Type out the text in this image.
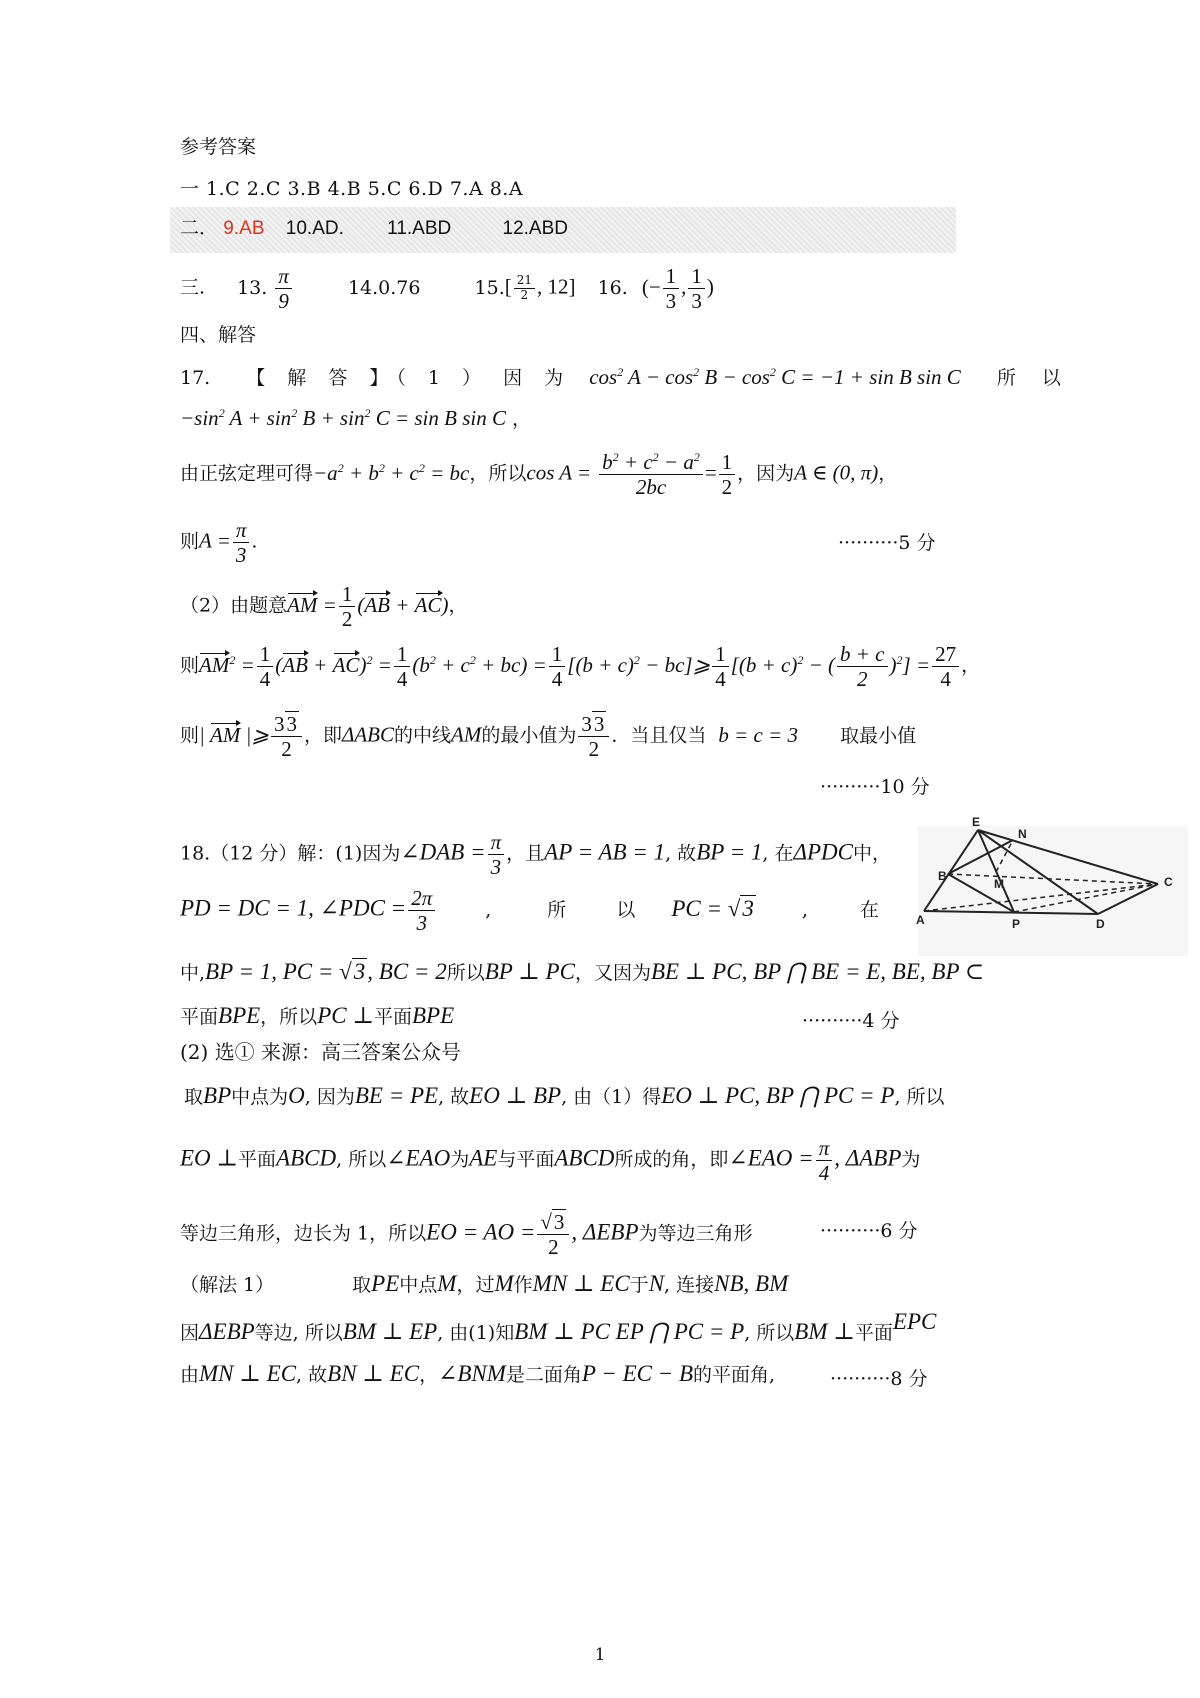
参考答案
一 1.C 2.C 3.B 4.B 5.C 6.D 7.A 8.A
二． 9.AB 10.AD. 11.ABD	12.ABD
三. 13. $\frac{\pi}{9}$	14.0.76	$15.[ \frac{21}{2}$ , 12] 16. (− $\frac{1}{3}$ , $\frac{1}{3}$ )
四、解答
17. 【 解 答 】（ 1 ） 因 为 $\cos^2 A - \cos^2 B - \cos^2 C = -1 + \sin B$ sin C 所 以
$-\sin^2$ $A + \sin^2 B + \sin^2 C = \sin B$ sin C ，
由正弦定理可得$-a^2 + b^2 + c^2$ = bc，所以$\cos A = \frac{b^2 + c^2 - a^2}{2bc} = \frac{1}{2}$ ，因为A ∈ (0, π)，
则$A = \frac{\pi}{3}$ .	··········5 分
（2）由题意AM = $\frac{1}{2} (AB + AC)$，
则$AM^2 = \frac{1}{4} (AB + AC)^2 = \frac{1}{4} (b^2 + c^2 + bc) = \frac{1}{4} [(b + c)^2$ − bc]⩾ $\frac{1}{4} [(b + c)^2$ − ( $\frac{b + c}{2} )^2] = \frac{27}{4}$ ，
则| AM |⩾ $\frac{33}{2}$ ，即ΔABC的中线AM的最小值为 $\frac{33}{2}$ ．当且仅当 b = c = 3 取最小值
··········10 分
18.（12 分）解：(1)因为∠DAB = $\frac{\pi}{3}$ ，且AP = AB = 1, 故BP = 1, 在ΔPDC中，
PD = DC = 1, ∠PDC = $\frac{2\pi}{3}$	,	所 以 PC = √3	,	在
中,BP = 1, PC = √3, BC = 2所以BP ⊥ PC，又因为BE ⊥ PC, BP ⋂ BE = E, BE, BP ⊂
平面BPE，所以PC ⊥平面BPE	··········4 分
(2) 选① 来源：高三答案公众号
取BP中点为O, 因为BE = PE, 故EO ⊥ BP, 由（1）得EO ⊥ PC, BP ⋂ PC = P, 所以
EO ⊥平面ABCD, 所以∠EAO为AE与平面ABCD所成的角，即∠EAO = $\frac{\pi}{4}$ , ΔABP为
等边三角形，边长为 1，所以EO = AO = $\frac{√3}{2}$ , ΔEBP为等边三角形	··········6 分
（解法 1）	取PE中点M，过M作MN ⊥ EC于N, 连接NB, BM
因ΔEBP等边, 所以BM ⊥ EP, 由(1)知BM ⊥ PC EP ⋂ PC = P, 所以BM ⊥平面EPC
由MN ⊥ EC, 故BN ⊥ EC，∠BNM是二面角P − EC − B的平面角,	··········8 分
E
N
M
B
A	P	D
C
1
